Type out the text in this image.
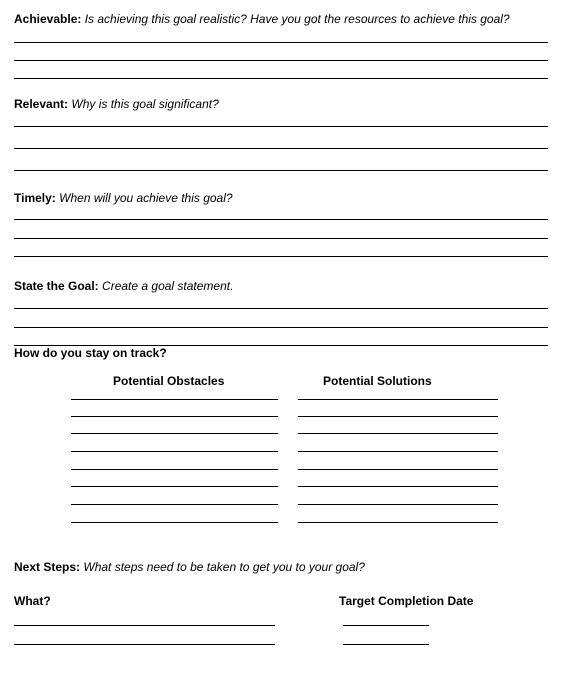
Achievable: Is achieving this goal realistic? Have you got the resources to achieve this goal?
Relevant: Why is this goal significant?
Timely: When will you achieve this goal?
State the Goal: Create a goal statement.
How do you stay on track?
Potential Obstacles	Potential Solutions
Next Steps: What steps need to be taken to get you to your goal?
What?	Target Completion Date
